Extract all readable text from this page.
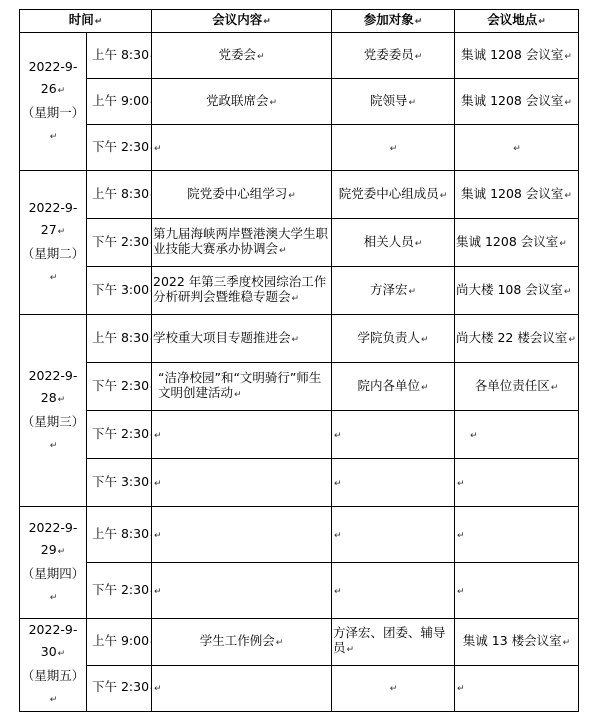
时间↵		会议内容↵	参加对象↵	会议地点↵

2022-9-26↵
（星期一）↵	上午 8:30	党委会↵	党委委员↵	集诚 1208 会议室↵
	上午 9:00	党政联席会↵	院领导↵	集诚 1208 会议室↵
	下午 2:30	↵	↵	↵

2022-9-27↵
（星期二）↵	上午 8:30	院党委中心组学习↵	院党委中心组成员↵	集诚 1208 会议室↵
	下午 2:30	第九届海峡两岸暨港澳大学生职业技能大赛承办协调会↵	相关人员↵	集诚 1208 会议室↵
	下午 3:00	2022 年第三季度校园综治工作分析研判会暨维稳专题会↵	方泽宏↵	尚大楼 108 会议室↵

2022-9-28↵
（星期三）↵	上午 8:30	学校重大项目专题推进会↵	学院负责人↵	尚大楼 22 楼会议室↵
	下午 2:30	“洁净校园”和“文明骑行”师生文明创建活动↵	院内各单位↵	各单位责任区↵
	下午 2:30	↵	↵	↵
	下午 3:30	↵	↵	↵

2022-9-29↵
（星期四）↵	上午 8:30	↵	↵	↵
	下午 2:30	↵	↵	↵

2022-9-30↵
（星期五）↵	上午 9:00	学生工作例会↵	方泽宏、团委、辅导员↵	集诚 13 楼会议室↵
	下午 2:30	↵	↵	↵
